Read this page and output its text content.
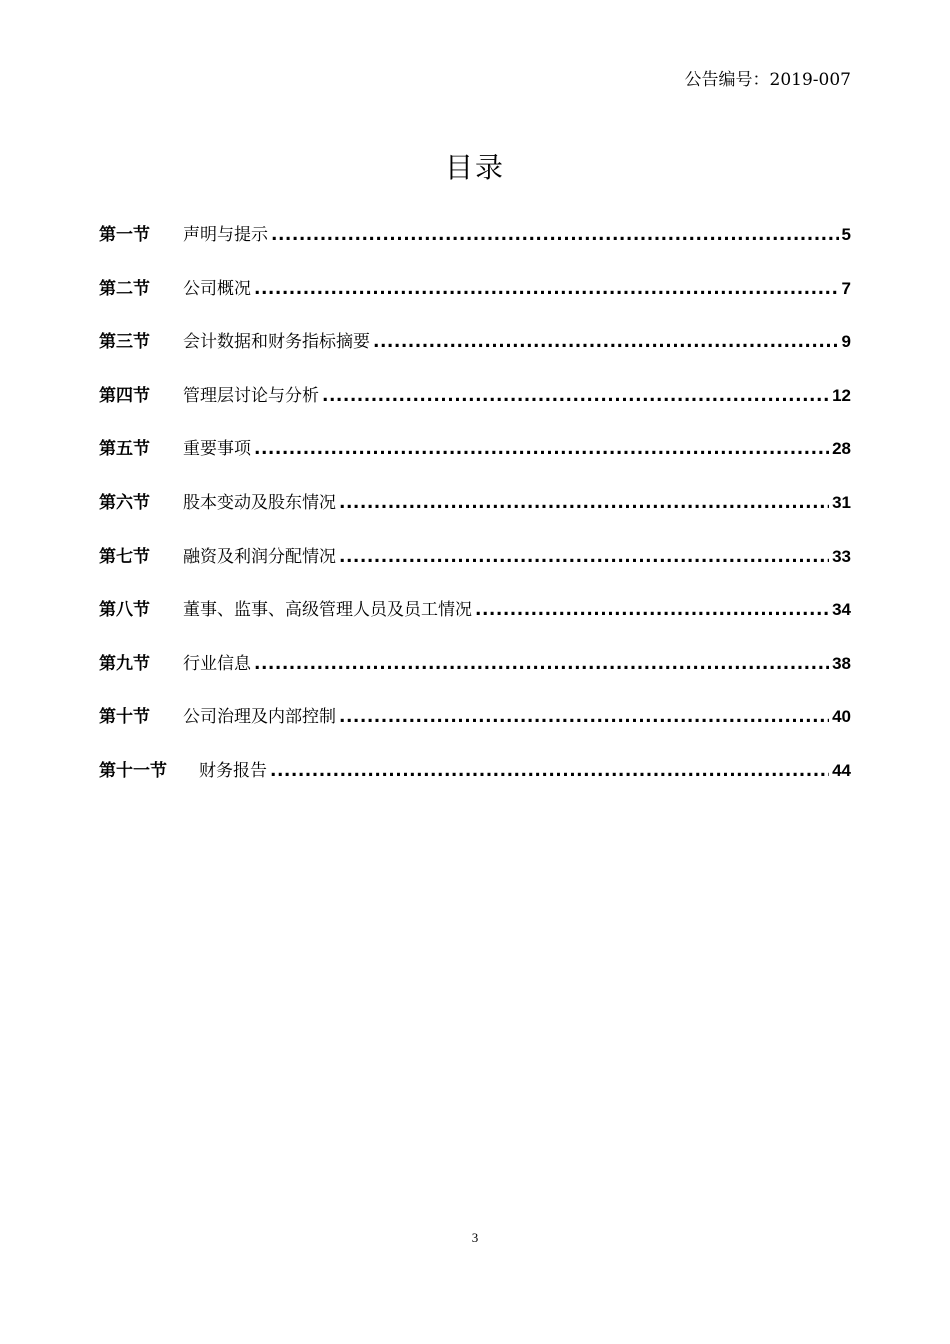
公告编号：2019-007
目录
第一节	声明与提示 .....	5
第二节	公司概况 .....	7
第三节	会计数据和财务指标摘要 .....	9
第四节	管理层讨论与分析 .....	12
第五节	重要事项 .....	28
第六节	股本变动及股东情况 .....	31
第七节	融资及利润分配情况 .....	33
第八节	董事、监事、高级管理人员及员工情况 .....	34
第九节	行业信息 .....	38
第十节	公司治理及内部控制 .....	40
第十一节	财务报告 .....	44
3
